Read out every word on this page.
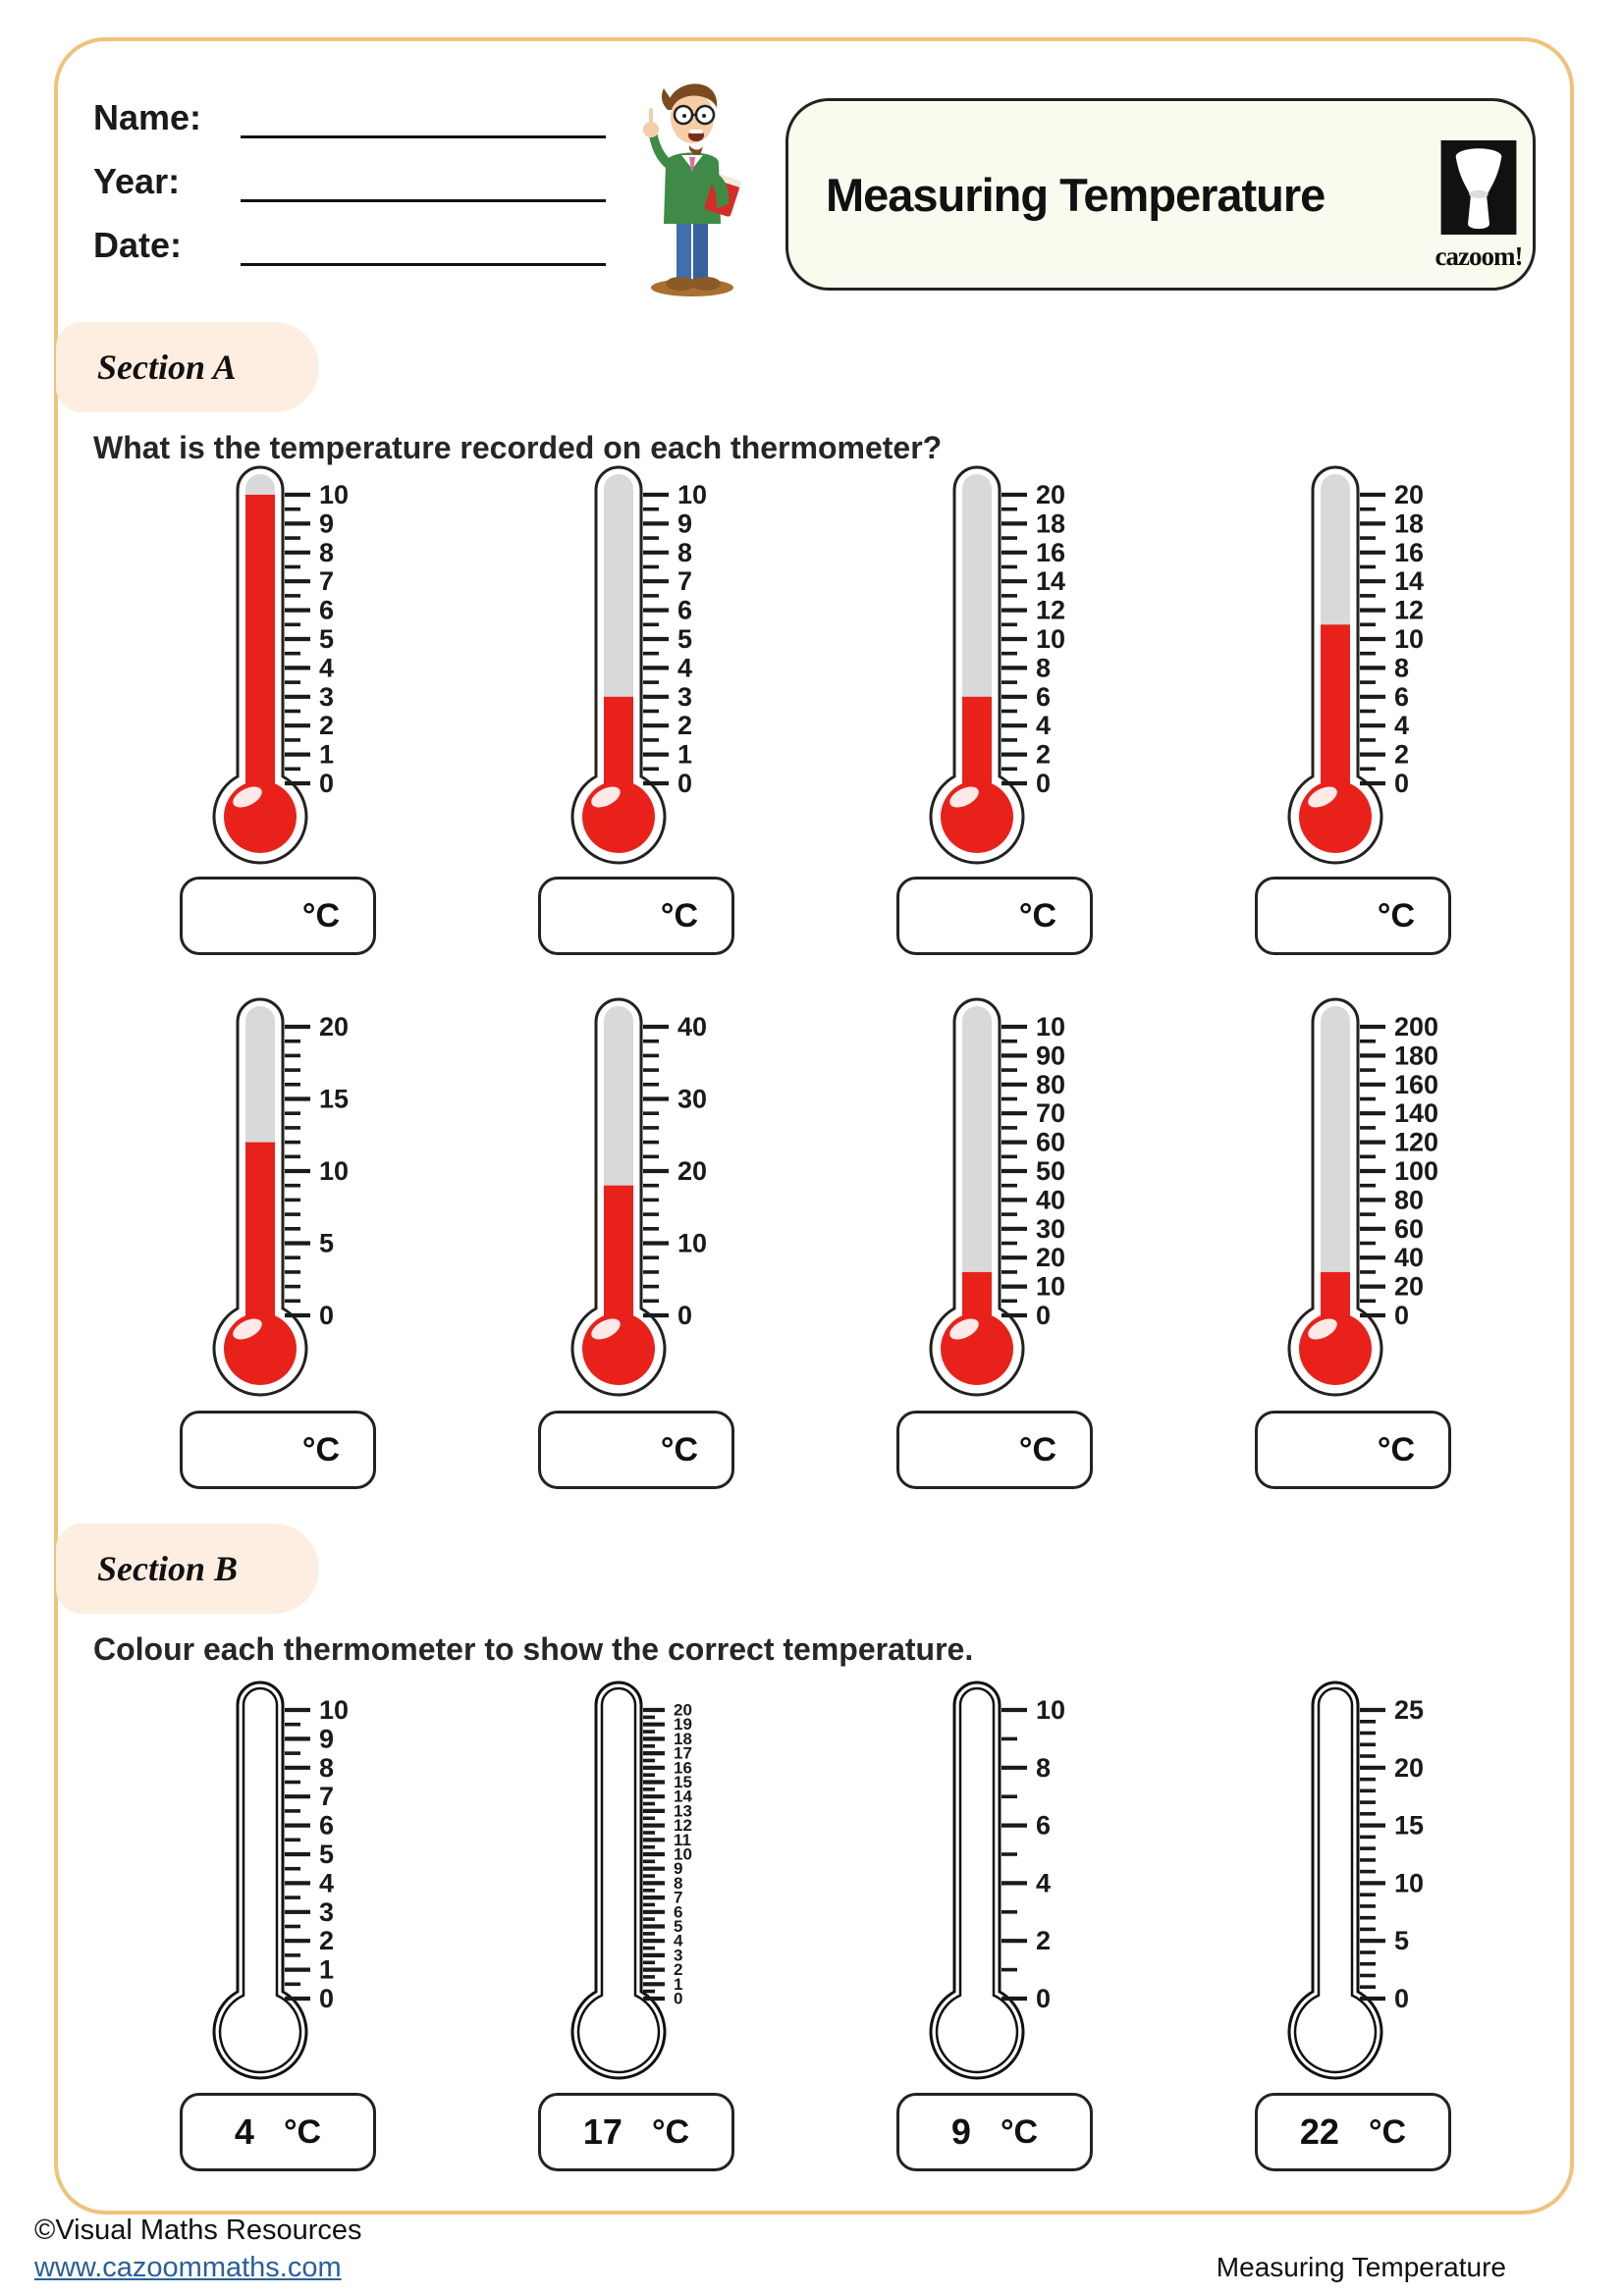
Name:
Year:
Date:
Measuring Temperature
cazoom!
Section A
What is the temperature recorded on each thermometer?
10
9
8
7
6
5
4
3
2
1
0
°C
10
9
8
7
6
5
4
3
2
1
0
°C
20
18
16
14
12
10
8
6
4
2
0
°C
20
18
16
14
12
10
8
6
4
2
0
°C
20
15
10
5
0
°C
40
30
20
10
0
°C
10
90
80
70
60
50
40
30
20
10
0
°C
200
180
160
140
120
100
80
60
40
20
0
°C
Section B
Colour each thermometer to show the correct temperature.
10
9
8
7
6
5
4
3
2
1
0
4 °C
20
19
18
17
16
15
14
13
12
11
10
9
8
7
6
5
4
3
2
1
0
17 °C
10
8
6
4
2
0
9 °C
25
20
15
10
5
0
22 °C
©Visual Maths Resources
www.cazoommaths.com	Measuring Temperature
